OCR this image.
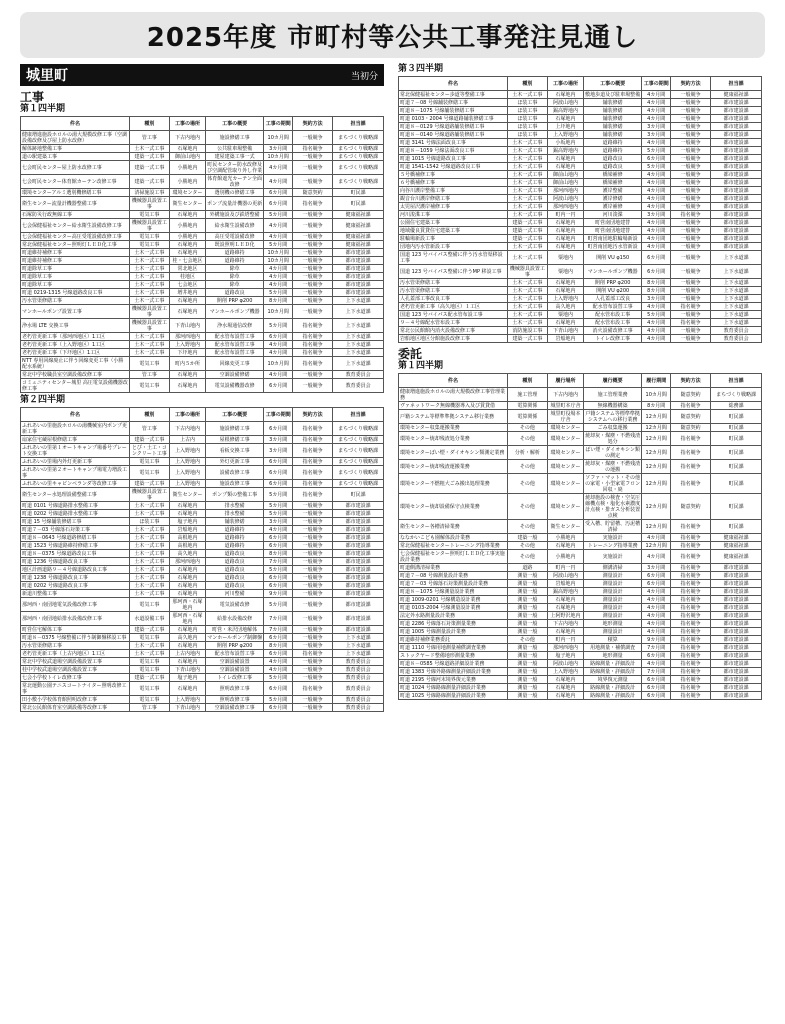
2025年度 市町村等公共工事発注見通し
城里町	当初分
工事
第１四半期
件名	種別	工事の場所	工事の概要	工事の期間	契約方法	担当課
健康増進施設ホロルの湯大規模改修工事（空調設備改修及び屋上防水改修）	管工事	下古内地内	施設修繕工事	10カ月間	一般競争	まちづくり戦略課
解体跡地整備工事	土木一式工事	石塚地内	公共駐車場整備	3カ月間	指名競争	まちづくり戦略課
道の駅建築工事	建築一式工事	御前山地内	建屋建築工事一式	10カ月間	一般競争	まちづくり戦略課
七会町民センター屋上防水改修工事	建築一式工事	小勝地内	町民センター防水改修及び空調配管取り外し作業	4カ月間	一般競争	まちづくり戦略課
七会町民センター体育館カーテン改修工事	建築一式工事	小勝地内	体育館遮光カーテン全面改修	4カ月間	一般競争	まちづくり戦略課
環境センターアルミ選別機修繕工事	清掃施設工事	環境センター	選別機の修繕工事	6カ月間	随意契約	町民課
衛生センター流量計機器整備工事	機械器具設置工事	衛生センター	ポンプ流量計機器の更新	6カ月間	指名競争	町民課
石塚防災行政無線工事	電気工事	石塚地内	外構施設及び鉄塔整備	5カ月間	一般競争	健康福祉課
七会保健福祉センター給水衛生設備改修工事	機械器具設置工事	小勝地内	給水衛生設備改修	4カ月間	一般競争	健康福祉課
七会保健福祉センター高圧受電設備改修工事	電気工事	小勝地内	高圧受電設備改修	4カ月間	一般競争	健康福祉課
常北保健福祉センター照明灯ＬＥＤ化工事	電気工事	石塚地内	既設照明ＬＥＤ化	5カ月間	一般競争	健康福祉課
町道維持補修工事	土木一式工事	石塚地内	道路維持	10カ月間	一般競争	都市建設課
町道維持補修工事	土木一式工事	桂・七会地区	道路維持	10カ月間	一般競争	都市建設課
町道除草工事	土木一式工事	常北地区	除草	4カ月間	一般競争	都市建設課
町道除草工事	土木一式工事	桂地区	除草	4カ月間	一般競争	都市建設課
町道除草工事	土木一式工事	七会地区	除草	4カ月間	一般競争	都市建設課
町道 0219-1315 号線道路改良工事	土木一式工事	増井地内	道路改良	5カ月間	一般競争	都市建設課
汚水管渠修繕工事	土木一式工事	石塚地内	開削 PRP φ200	8カ月間	一般競争	上下水道課
マンホールポンプ設置工事	機械器具設置工事	石塚地内	マンホールポンプ機器	10カ月間	一般競争	上下水道課
浄水場 LTE 交換工事	機械器具設置工事	下青山地内	浄水場通信改修	5カ月間	指名競争	上下水道課
老朽管更新工事（那珂西地区）1工区	土木一式工事	那珂西地内	配水管布設替工事	6カ月間	指名競争	上下水道課
老朽管更新工事（上入野地区）1工区	土木一式工事	上入野地内	配水管布設替工事	4カ月間	指名競争	上下水道課
老朽管更新工事（下圷地区）1工区	土木一式工事	下圷地内	配水管布設替工事	4カ月間	指名競争	上下水道課
NTT 専用回線廃止に伴う回線変更工事（小勝配水系統）	電気工事	町内５か所	回線変更工事	10カ月間	指名競争	上下水道課
常北中学校職員室空調設備改修工事	管工事	石塚地内	空調設備修繕	4カ月間	一般競争	教育委員会
コミュニティセンター城里 高圧電気設備機器改修工事	電気工事	石塚地内	電気設備機器改修	6カ月間	一般競争	教育委員会
第２四半期
件名	種別	工事の場所	工事の概要	工事の期間	契約方法	担当課
ふれあいの里施設ホロルの湯機械室内ポンプ更新工事	管工事	下古内地内	施設修繕工事	6カ月間	指名競争	まちづくり戦略課
扇家住宅蔵屋根修繕工事	建築一式工事	上古内	屋根修繕工事	3カ月間	指名競争	まちづくり戦略課
ふれあいの里第１オートキャンプ場番号プレート交換工事	とび・土工・コンクリート工事	上入野地内	看板交換工事	3カ月間	指名競争	まちづくり戦略課
ふれあいの里場内外灯更新工事	電気工事	上入野地内	外灯更新工事	6カ月間	指名競争	まちづくり戦略課
ふれあいの里第２オートキャンプ場電力増設工事	電気工事	上入野地内	設備改修工事	6カ月間	指名競争	まちづくり戦略課
ふれあいの里キャビンベランダ等改修工事	建築一式工事	上入野地内	施設改修工事	6カ月間	指名競争	まちづくり戦略課
衛生センター水処理設備整備工事	機械器具設置工事	衛生センター	ポンプ類の整備工事	5カ月間	指名競争	町民課
町道 0101 号線道路排水整備工事	土木一式工事	石塚地内	排水整備	5カ月間	一般競争	都市建設課
町道 0202 号線道路排水整備工事	土木一式工事	石塚地内	排水整備	5カ月間	一般競争	都市建設課
町道 15 号線舗装修繕工事	ほ装工事	塩子地内	舗装修繕	3カ月間	一般競争	都市建設課
町道７－03 号線落石対策工事	土木一式工事	岩船地内	道路維持	4カ月間	一般競争	都市建設課
町道８－0643 号線道路修繕工事	土木一式工事	高根地内	道路維持	6カ月間	一般競争	都市建設課
町道 1523 号線道路維持修繕工事	土木一式工事	高根地内	道路維持	6カ月間	一般競争	都市建設課
町道８－0375 号線道路改良工事	土木一式工事	高久地内	道路改良	8カ月間	一般競争	都市建設課
町道 1236 号線道路改良工事	土木一式工事	那珂西地内	道路改良	7カ月間	一般競争	都市建設課
地区計画道路９－４号線道路改良工事	土木一式工事	石塚地内	道路改良	5カ月間	一般競争	都市建設課
町道 1238 号線道路改良工事	土木一式工事	石塚地内	道路改良	6カ月間	一般競争	都市建設課
町道 0202 号線道路改良工事	土木一式工事	石塚地内	道路改良	6カ月間	一般競争	都市建設課
新道川整備工事	土木一式工事	石塚地内	河川整備	9カ月間	一般競争	都市建設課
那珂西・南団地電気設備改修工事	電気工事	那珂西・石塚地内	電気設備改修	5カ月間	一般競争	都市建設課
那珂西・南団地給排水設備改修工事	水道設備工事	那珂西・石塚地内	給排水設備改修	7カ月間	一般競争	都市建設課
町営住宅解体工事	建築一式工事	石塚地内	町営・米沢団地解体	7カ月間	一般競争	都市建設課
町道８－0375 号線整備に伴う制御盤移設工事	電気工事	高久地内	マンホールポンプ制御盤	6カ月間	一般競争	上下水道課
汚水管渠修繕工事	土木一式工事	石塚地内	開削 PRP φ200	8カ月間	一般競争	上下水道課
老朽管更新工事（上古内地区）1工区	土木一式工事	上古内地内	配水管布設替工事	6カ月間	指名競争	上下水道課
常北中学校武道場空調設備設置工事	電気工事	石塚地内	空調設備設置	4カ月間	一般競争	教育委員会
桂中学校武道場空調設備設置工事	電気工事	下青山地内	空調設備設置	4カ月間	一般競争	教育委員会
七会小学校トイレ改修工事	建築一式工事	塩子地内	トイレ改修工事	5カ月間	一般競争	教育委員会
常北運動公園テニスコートナイター照明改修工事	電気工事	石塚地内	照明改修工事	6カ月間	指名競争	教育委員会
田小敷小学校体育館照明改修工事	電気工事	上入野地内	照明改修工事	5カ月間	一般競争	教育委員会
常北公民館体育室空調設備等改修工事	管工事	下青山地内	空調設備改修工事	6カ月間	一般競争	教育委員会
第３四半期
件名	種別	工事の場所	工事の概要	工事の期間	契約方法	担当課
常北保健福祉センター歩道等整備工事	土木一式工事	石塚地内	敷地歩道及び駐車場整備	4カ月間	一般競争	健康福祉課
町道７－08 号線舗装修繕工事	ほ装工事	阿波山地内	舗装修繕	4カ月間	一般競争	都市建設課
町道８－1075 号線舗装修繕工事	ほ装工事	錫高野地内	舗装修繕	4カ月間	一般競争	都市建設課
町道 0103・2004 号線道路舗装修繕工事	ほ装工事	石塚地内	舗装修繕	4カ月間	一般競争	都市建設課
町道８－0129 号線道路舗装修繕工事	ほ装工事	上圷地内	舗装修繕	3カ月間	一般競争	都市建設課
町道８－0140 号線道路舗装修繕工事	ほ装工事	上入野地内	舗装修繕	3カ月間	一般競争	都市建設課
町道 3141 号線法面改良工事	土木一式工事	小坂地内	道路維持	4カ月間	一般競争	都市建設課
町道８－1059 号線法面改良工事	土木一式工事	錫高野地内	道路維持	5カ月間	一般競争	都市建設課
町道 1015 号線道路改良工事	土木一式工事	石塚地内	道路改良	6カ月間	一般競争	都市建設課
町道 1541-1542 号線道路改良工事	土木一式工事	石塚地内	道路改良	5カ月間	一般競争	都市建設課
５号橋補修工事	土木一式工事	御前山地内	橋梁補修	4カ月間	一般競争	都市建設課
６号橋補修工事	土木一式工事	御前山地内	橋梁補修	4カ月間	一般競争	都市建設課
向谷川護岸整備工事	土木一式工事	那珂西地内	護岸整備	4カ月間	一般競争	都市建設課
観音台川護岸修繕工事	土木一式工事	阿波山地内	護岸修繕	4カ月間	一般競争	都市建設課
太児屋沢護岸補修工事	土木一式工事	那珂西地内	護岸補修	4カ月間	一般競争	都市建設課
河川浚渫工事	土木一式工事	町内一円	河川浚渫	3カ月間	指名競争	都市建設課
公園住宅建築工事	建築一式工事	石塚地内	町営南団地建替	4カ月間	一般競争	都市建設課
地域優良賃貸住宅建築工事	建築一式工事	石塚地内	町営南団地建替	4カ月間	一般競争	都市建設課
駐輪場新設工事	建築一式工事	石塚地内	町営南団地駐輪場新設	4カ月間	一般競争	都市建設課
団地内汚水管新設工事	土木一式工事	石塚地内	町営南団地汚水管新設	4カ月間	一般競争	都市建設課
国道 123 号バイパス整備に伴う汚水管渠移設工事	土木一式工事	粟地内	開削 VU φ150	6カ月間	一般競争	上下水道課
国道 123 号バイパス整備に伴うMP 移設工事	機械器具設置工事	粟地内	マンホールポンプ機器	6カ月間	一般競争	上下水道課
汚水管渠修繕工事	土木一式工事	石塚地内	開削 PRP φ200	8カ月間	一般競争	上下水道課
汚水管渠修繕工事	土木一式工事	石塚地内	開削 VU φ200	8カ月間	一般競争	上下水道課
人孔蓋部工事改良工事	土木一式工事	上入野地内	人孔蓋部工改良	3カ月間	一般競争	上下水道課
老朽管更新工事（高久地区）１工区	土木一式工事	高久地内	配水管布設替工事	4カ月間	指名競争	上下水道課
国道 123 号バイパス配水管布設工事	土木一式工事	粟地内	配水管布設工事	5カ月間	一般競争	上下水道課
９－４号線配水管布設工事	土木一式工事	石塚地内	配水管布設工事	4カ月間	指名競争	上下水道課
常北公民館館内消火設備改修工事	消防施設工事	下青山地内	消火設備改修工事	4カ月間	一般競争	教育委員会
岩船地区地区分館施設改修工事	建築一式工事	岩船地内	トイレ改修工事	4カ月間	一般競争	教育委員会
委託
第１四半期
件名	種別	履行場所	履行概要	履行期間	契約方法	担当課
健康増進施設ホロルの湯大規模改修工事管理業務	施工管理	下古内地内	施工管理業務	10カ月間	随意契約	まちづくり戦略課
ヴァネットワーク無線機器導入及び賃貸借	電算関係	城里町本庁舎	無線機器構築	8カ月間	指名競争	総務課
戸籍システム等標準準拠システム移行業務	電算関係	城里町役場本庁舎	戸籍システム等標準準拠システムへの移行業務	12カ月間	随意契約	町民課
環境センター収集運搬業務	その他	環境センター	ごみ収集運搬	12カ月間	随意契約	町民課
環境センター焼却残渣処分業務	その他	環境センター	焼却灰・煤塵・不燃残渣処分	12カ月間	指名競争	町民課
環境センターばい煙・ダイオキシン類測定業務	分析・解析	環境センター	ばい煙・ダイオキシン類の測定	12カ月間	指名競争	町民課
環境センター焼却残渣運搬業務	その他	環境センター	焼却灰・煤塵・不燃残渣の運搬	12カ月間	指名競争	町民課
環境センター不燃粗大ごみ搬出処理業務	その他	環境センター	ソファ・マット・その他の家電・小型家電フロン回収・廃	12カ月間	指名競争	町民課
環境センター焼却設備保守点検業務	その他	環境センター	焼却施設の検査・空気圧縮機点検・塩化水素濃度計点検・排ガス分析装置点検	12カ月間	随意契約	町民課
衛生センター各槽清掃業務	その他	衛生センター	受入槽、貯留槽、汚泥槽清掃	12カ月間	指名競争	町民課
ななかいこども園解体設計業務	建築一般	小勝地内	実施設計	4カ月間	指名競争	健康福祉課
常北保健福祉センタートレーニング指導業務	その他	石塚地内	トレーニング指導業務	12カ月間	指名競争	健康福祉課
七会保健福祉センター照明灯ＬＥＤ化工事実施設計業務	その他	小勝地内	実施設計	4カ月間	指名競争	健康福祉課
町道側溝清掃業務	道路	町内一円	側溝清掃	3カ月間	指名競争	都市建設課
町道７－08 号線測量設計業務	測量一般	阿波山地内	測量設計	6カ月間	指名競争	都市建設課
町道７－03 号線落石対策測量設計業務	測量一般	岩船地内	測量設計	6カ月間	指名競争	都市建設課
町道８－1075 号線測量設計業務	測量一般	錫高野地内	測量設計	4カ月間	指名競争	都市建設課
町道 1009-0201 号線構造設計業務	測量一般	石塚地内	測量設計	4カ月間	指名競争	都市建設課
町道 0103-2004 号線測量設計業務	測量一般	石塚地内	測量設計	4カ月間	指名競争	都市建設課
法定外水路測量設計業務	測量一般	上阿野沢地内	測量設計	4カ月間	指名競争	都市建設課
町道 2286 号線落石対策測量業務	測量一般	下古内地内	地形測量	4カ月間	指名競争	都市建設課
町道 1005 号線測量設計業務	測量一般	石塚地内	測量設計	4カ月間	指名競争	都市建設課
町道維持補修業務委託	その他	町内一円	積算	9カ月間	指名競争	都市建設課
町道 1110 号線用地測量補償調査業務	測量一般	那珂西地内	用地測量・補償調査	7カ月間	指名競争	都市建設課
ストックヤード整備地形測量業務	測量一般	塩子地内	地形測量	6カ月間	指名競争	都市建設課
町道８－0585 号線道路詳細設計業務	測量一般	阿波山地内	路線測量・詳細設計	4カ月間	指名競争	都市建設課
町道 1383 号線外路線測量詳細設計業務	測量一般	上入野地内	路線測量・詳細設計	7カ月間	指名競争	都市建設課
町道 2195 号線河末境界復元業務	測量一般	石塚地内	境界復元測量	6カ月間	指名競争	都市建設課
町道 1024 号線路線測量詳細設計業務	測量一般	石塚地内	路線測量・詳細設計	6カ月間	指名競争	都市建設課
町道 1025 号線路線測量詳細設計業務	測量一般	石塚地内	路線測量・詳細設計	6カ月間	指名競争	都市建設課
